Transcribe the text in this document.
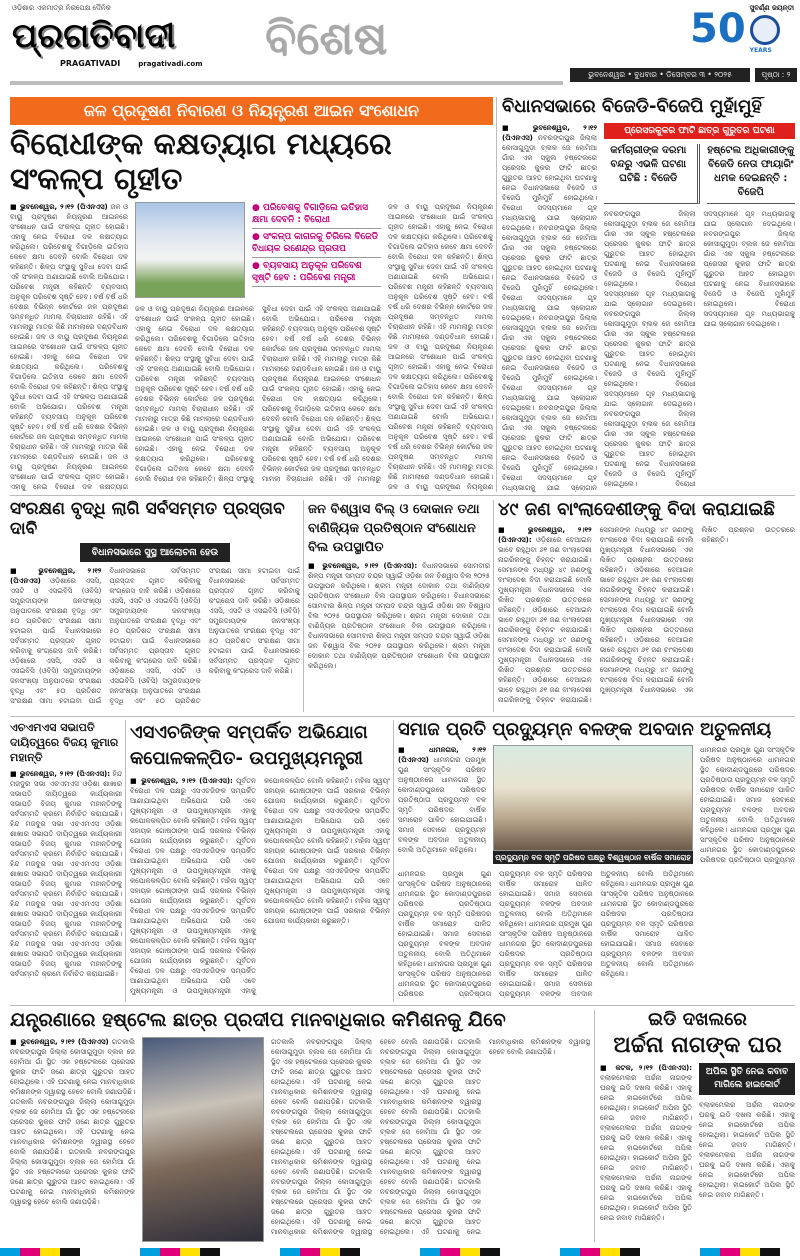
ଓଡ଼ିଶାର ଏକମାତ୍ର ନିରପେକ୍ଷ ଦୈନିକ
ପ୍ରଗତିବାଦୀ
PRAGATIVADI	pragativadi.com ବିଶେଷ	50 ସୁବର୍ଣ୍ଣ ଜୟନ୍ତୀ
YEARS
ଭୁବନେଶ୍ୱର • ବୁଧବାର • ଡିସେମ୍ବର ୩ • ୨୦୨୫	ପୃଷ୍ଠା : ୨
ଜଳ ପ୍ରଦୂଷଣ ନିବାରଣ ଓ ନିୟନ୍ତ୍ରଣ ଆଇନ ସଂଶୋଧନ
ବିରୋଧୀଙ୍କ କକ୍ଷତ୍ୟାଗ ମଧ୍ୟରେ ସଂକଳ୍ପ ଗୃହୀତ
■ ଭୁବନେଶ୍ୱର, ୨।୧୨ (ପିଏନଏସ) ଜଳ ଓ ବାୟୁ ପ୍ରଦୂଷଣ ନିୟନ୍ତ୍ରଣ ଆଇନରେ ସଂଶୋଧନ ପାଇଁ ସଂକଳ୍ପ ଗୃହୀତ ହୋଇଛି। ଏହାକୁ ନେଇ ବିରୋଧୀ ଦଳ କକ୍ଷତ୍ୟାଗ କରିଥିଲେ। ପରିବେଶକୁ ବିଗାଡ଼ିଲେ ଇତିହାସ କେବେ କ୍ଷମା ଦେବନି ବୋଲି ବିରୋଧୀ ଦଳ କହିଛନ୍ତି। ଶିଳ୍ପ ସଂସ୍ଥାକୁ ସୁବିଧା ଦେବା ପାଇଁ ଏହି ସଂକଳ୍ପ ଅଣାଯାଇଛି ବୋଲି ଅଭିଯୋଗ। ପରିବେଶ ମନ୍ତ୍ରୀ କହିଛନ୍ତି ବ୍ୟବସାୟ ଅନୁକୂଳ ପରିବେଶ ସୃଷ୍ଟି ହେବ। ବର୍ଷ ବର୍ଷ ଧରି ଦେଶର ବିଭିନ୍ନ କୋର୍ଟରେ ଜଳ ପ୍ରଦୂଷଣ ସମ୍ବନ୍ଧିତ ମାମଲା ବିଚାରାଧୀନ ରହିଛି। ଏହି ମାମଲାରୁ ମାତ୍ର କିଛି ମାମଲାରେ ଦଣ୍ଡବିଧାନ ହୋଇଛି। ଜଳ ଓ ବାୟୁ ପ୍ରଦୂଷଣ ନିୟନ୍ତ୍ରଣ ଆଇନରେ ସଂଶୋଧନ ପାଇଁ ସଂକଳ୍ପ ଗୃହୀତ ହୋଇଛି। ଏହାକୁ ନେଇ ବିରୋଧୀ ଦଳ କକ୍ଷତ୍ୟାଗ କରିଥିଲେ। ପରିବେଶକୁ ବିଗାଡ଼ିଲେ ଇତିହାସ କେବେ କ୍ଷମା ଦେବନି ବୋଲି ବିରୋଧୀ ଦଳ କହିଛନ୍ତି। ଶିଳ୍ପ ସଂସ୍ଥାକୁ ସୁବିଧା ଦେବା ପାଇଁ ଏହି ସଂକଳ୍ପ ଅଣାଯାଇଛି ବୋଲି ଅଭିଯୋଗ। ପରିବେଶ ମନ୍ତ୍ରୀ କହିଛନ୍ତି ବ୍ୟବସାୟ ଅନୁକୂଳ ପରିବେଶ ସୃଷ୍ଟି ହେବ। ବର୍ଷ ବର୍ଷ ଧରି ଦେଶର ବିଭିନ୍ନ କୋର୍ଟରେ ଜଳ ପ୍ରଦୂଷଣ ସମ୍ବନ୍ଧିତ ମାମଲା ବିଚାରାଧୀନ ରହିଛି। ଏହି ମାମଲାରୁ ମାତ୍ର କିଛି ମାମଲାରେ ଦଣ୍ଡବିଧାନ ହୋଇଛି। ଜଳ ଓ ବାୟୁ ପ୍ରଦୂଷଣ ନିୟନ୍ତ୍ରଣ ଆଇନରେ ସଂଶୋଧନ ପାଇଁ ସଂକଳ୍ପ ଗୃହୀତ ହୋଇଛି। ଏହାକୁ ନେଇ ବିରୋଧୀ ଦଳ କକ୍ଷତ୍ୟାଗ
● ପରିବେଶକୁ ବିଗାଡ଼ିଲେ ଇତିହାସ କ୍ଷମା ଦେବନି : ବିରୋଧୀ
● ସଂକଳ୍ପ କାଗଜକୁ ଚିରିଲେ ବିଜେଡି ବିଧାୟକ ରଣେନ୍ଦ୍ର ପ୍ରତାପ
● ବ୍ୟବସାୟ ଅନୁକୂଳ ପରିବେଶ ସୃଷ୍ଟି ହେବ : ପରିବେଶ ମନ୍ତ୍ରୀ
ଜଳ ଓ ବାୟୁ ପ୍ରଦୂଷଣ ନିୟନ୍ତ୍ରଣ ଆଇନରେ ସଂଶୋଧନ ପାଇଁ ସଂକଳ୍ପ ଗୃହୀତ ହୋଇଛି। ଏହାକୁ ନେଇ ବିରୋଧୀ ଦଳ କକ୍ଷତ୍ୟାଗ କରିଥିଲେ। ପରିବେଶକୁ ବିଗାଡ଼ିଲେ ଇତିହାସ କେବେ କ୍ଷମା ଦେବନି ବୋଲି ବିରୋଧୀ ଦଳ କହିଛନ୍ତି। ଶିଳ୍ପ ସଂସ୍ଥାକୁ ସୁବିଧା ଦେବା ପାଇଁ ଏହି ସଂକଳ୍ପ ଅଣାଯାଇଛି ବୋଲି ଅଭିଯୋଗ। ପରିବେଶ ମନ୍ତ୍ରୀ କହିଛନ୍ତି ବ୍ୟବସାୟ ଅନୁକୂଳ ପରିବେଶ ସୃଷ୍ଟି ହେବ। ବର୍ଷ ବର୍ଷ ଧରି ଦେଶର ବିଭିନ୍ନ କୋର୍ଟରେ ଜଳ ପ୍ରଦୂଷଣ ସମ୍ବନ୍ଧିତ ମାମଲା ବିଚାରାଧୀନ ରହିଛି। ଏହି ମାମଲାରୁ ମାତ୍ର କିଛି ମାମଲାରେ ଦଣ୍ଡବିଧାନ ହୋଇଛି। ଜଳ ଓ ବାୟୁ ପ୍ରଦୂଷଣ ନିୟନ୍ତ୍ରଣ ଆଇନରେ ସଂଶୋଧନ ପାଇଁ ସଂକଳ୍ପ ଗୃହୀତ ହୋଇଛି। ଏହାକୁ ନେଇ ବିରୋଧୀ ଦଳ କକ୍ଷତ୍ୟାଗ କରିଥିଲେ। ପରିବେଶକୁ ବିଗାଡ଼ିଲେ ଇତିହାସ କେବେ କ୍ଷମା ଦେବନି ବୋଲି ବିରୋଧୀ ଦଳ କହିଛନ୍ତି। ଶିଳ୍ପ ସଂସ୍ଥାକୁ ସୁବିଧା ଦେବା ପାଇଁ ଏହି ସଂକଳ୍ପ ଅଣାଯାଇଛି ବୋଲି ଅଭିଯୋଗ। ପରିବେଶ ମନ୍ତ୍ରୀ କହିଛନ୍ତି ବ୍ୟବସାୟ ଅନୁକୂଳ ପରିବେଶ ସୃଷ୍ଟି ହେବ। ବର୍ଷ ବର୍ଷ ଧରି ଦେଶର ବିଭିନ୍ନ କୋର୍ଟରେ ଜଳ ପ୍ରଦୂଷଣ ସମ୍ବନ୍ଧିତ ମାମଲା ବିଚାରାଧୀନ ରହିଛି। ଏହି ମାମଲାରୁ ମାତ୍ର କିଛି ମାମଲାରେ ଦଣ୍ଡବିଧାନ ହୋଇଛି। ଜଳ ଓ ବାୟୁ ପ୍ରଦୂଷଣ ନିୟନ୍ତ୍ରଣ ଆଇନରେ ସଂଶୋଧନ ପାଇଁ ସଂକଳ୍ପ ଗୃହୀତ ହୋଇଛି। ଏହାକୁ ନେଇ ବିରୋଧୀ ଦଳ କକ୍ଷତ୍ୟାଗ କରିଥିଲେ। ପରିବେଶକୁ ବିଗାଡ଼ିଲେ ଇତିହାସ କେବେ କ୍ଷମା ଦେବନି ବୋଲି ବିରୋଧୀ ଦଳ କହିଛନ୍ତି। ଶିଳ୍ପ ସଂସ୍ଥାକୁ ସୁବିଧା ଦେବା ପାଇଁ ଏହି ସଂକଳ୍ପ ଅଣାଯାଇଛି ବୋଲି ଅଭିଯୋଗ। ପରିବେଶ ମନ୍ତ୍ରୀ କହିଛନ୍ତି ବ୍ୟବସାୟ ଅନୁକୂଳ ପରିବେଶ ସୃଷ୍ଟି ହେବ। ବର୍ଷ ବର୍ଷ ଧରି ଦେଶର ବିଭିନ୍ନ କୋର୍ଟରେ ଜଳ ପ୍ରଦୂଷଣ ସମ୍ବନ୍ଧିତ ମାମଲା ବିଚାରାଧୀନ ରହିଛି। ଏହି ମାମଲାରୁ
ଜଳ ଓ ବାୟୁ ପ୍ରଦୂଷଣ ନିୟନ୍ତ୍ରଣ ଆଇନରେ ସଂଶୋଧନ ପାଇଁ ସଂକଳ୍ପ ଗୃହୀତ ହୋଇଛି। ଏହାକୁ ନେଇ ବିରୋଧୀ ଦଳ କକ୍ଷତ୍ୟାଗ କରିଥିଲେ। ପରିବେଶକୁ ବିଗାଡ଼ିଲେ ଇତିହାସ କେବେ କ୍ଷମା ଦେବନି ବୋଲି ବିରୋଧୀ ଦଳ କହିଛନ୍ତି। ଶିଳ୍ପ ସଂସ୍ଥାକୁ ସୁବିଧା ଦେବା ପାଇଁ ଏହି ସଂକଳ୍ପ ଅଣାଯାଇଛି ବୋଲି ଅଭିଯୋଗ। ପରିବେଶ ମନ୍ତ୍ରୀ କହିଛନ୍ତି ବ୍ୟବସାୟ ଅନୁକୂଳ ପରିବେଶ ସୃଷ୍ଟି ହେବ। ବର୍ଷ ବର୍ଷ ଧରି ଦେଶର ବିଭିନ୍ନ କୋର୍ଟରେ ଜଳ ପ୍ରଦୂଷଣ ସମ୍ବନ୍ଧିତ ମାମଲା ବିଚାରାଧୀନ ରହିଛି। ଏହି ମାମଲାରୁ ମାତ୍ର କିଛି ମାମଲାରେ ଦଣ୍ଡବିଧାନ ହୋଇଛି। ଜଳ ଓ ବାୟୁ ପ୍ରଦୂଷଣ ନିୟନ୍ତ୍ରଣ ଆଇନରେ ସଂଶୋଧନ ପାଇଁ ସଂକଳ୍ପ ଗୃହୀତ ହୋଇଛି। ଏହାକୁ ନେଇ ବିରୋଧୀ ଦଳ କକ୍ଷତ୍ୟାଗ କରିଥିଲେ। ପରିବେଶକୁ ବିଗାଡ଼ିଲେ ଇତିହାସ କେବେ କ୍ଷମା ଦେବନି ବୋଲି ବିରୋଧୀ ଦଳ କହିଛନ୍ତି। ଶିଳ୍ପ ସଂସ୍ଥାକୁ ସୁବିଧା ଦେବା ପାଇଁ ଏହି ସଂକଳ୍ପ ଅଣାଯାଇଛି ବୋଲି ଅଭିଯୋଗ। ପରିବେଶ ମନ୍ତ୍ରୀ କହିଛନ୍ତି ବ୍ୟବସାୟ ଅନୁକୂଳ ପରିବେଶ ସୃଷ୍ଟି ହେବ। ବର୍ଷ ବର୍ଷ ଧରି ଦେଶର ବିଭିନ୍ନ କୋର୍ଟରେ ଜଳ ପ୍ରଦୂଷଣ ସମ୍ବନ୍ଧିତ ମାମଲା ବିଚାରାଧୀନ ରହିଛି। ଏହି ମାମଲାରୁ ମାତ୍ର କିଛି ମାମଲାରେ ଦଣ୍ଡବିଧାନ ହୋଇଛି। ଜଳ ଓ ବାୟୁ ପ୍ରଦୂଷଣ ନିୟନ୍ତ୍ରଣ
ବିଧାନସଭାରେ ବିଜେଡି-ବିଜେପି ମୁହାଁମୁହିଁ
■ ଭୁବନେଶ୍ୱର, ୨।୧୨ (ପିଏନଏସ) ନବରଙ୍ଗପୁର ଜିଲ୍ଲା କୋସାଗୁମୁଡ଼ା ବ୍ଲକ ଜେ ହୋମିଆ ଗାଁର ଏକ ସ୍କୁଲ ହଷ୍ଟେଲରେ ପ୍ରେସର କୁକର ଫାଟି ଛାତ୍ର ଗୁରୁତର ଆହତ ହୋଇଥିବା ଘଟଣାକୁ ନେଇ ବିଧାନସଭାରେ ବିଜେଡି ଓ ବିଜେପି ମୁହାଁମୁହିଁ ହୋଇଥିଲେ। ବିରୋଧୀ ସଦସ୍ୟମାନେ ଗୃହ ମଧ୍ୟଭାଗକୁ ଯାଇ ସ୍ଲୋଗାନ ଦେଇଥିଲେ। ନବରଙ୍ଗପୁର ଜିଲ୍ଲା କୋସାଗୁମୁଡ଼ା ବ୍ଲକ ଜେ ହୋମିଆ ଗାଁର ଏକ ସ୍କୁଲ ହଷ୍ଟେଲରେ ପ୍ରେସର କୁକର ଫାଟି ଛାତ୍ର ଗୁରୁତର ଆହତ ହୋଇଥିବା ଘଟଣାକୁ ନେଇ ବିଧାନସଭାରେ ବିଜେଡି ଓ ବିଜେପି ମୁହାଁମୁହିଁ ହୋଇଥିଲେ। ବିରୋଧୀ ସଦସ୍ୟମାନେ ଗୃହ ମଧ୍ୟଭାଗକୁ ଯାଇ ସ୍ଲୋଗାନ ଦେଇଥିଲେ। ନବରଙ୍ଗପୁର ଜିଲ୍ଲା କୋସାଗୁମୁଡ଼ା ବ୍ଲକ ଜେ ହୋମିଆ ଗାଁର ଏକ ସ୍କୁଲ ହଷ୍ଟେଲରେ ପ୍ରେସର କୁକର ଫାଟି ଛାତ୍ର ଗୁରୁତର ଆହତ ହୋଇଥିବା ଘଟଣାକୁ ନେଇ ବିଧାନସଭାରେ ବିଜେଡି ଓ ବିଜେପି ମୁହାଁମୁହିଁ ହୋଇଥିଲେ। ବିରୋଧୀ ସଦସ୍ୟମାନେ ଗୃହ ମଧ୍ୟଭାଗକୁ ଯାଇ ସ୍ଲୋଗାନ ଦେଇଥିଲେ। ନବରଙ୍ଗପୁର ଜିଲ୍ଲା କୋସାଗୁମୁଡ଼ା ବ୍ଲକ ଜେ ହୋମିଆ ଗାଁର ଏକ ସ୍କୁଲ ହଷ୍ଟେଲରେ ପ୍ରେସର କୁକର ଫାଟି ଛାତ୍ର ଗୁରୁତର ଆହତ ହୋଇଥିବା ଘଟଣାକୁ ନେଇ ବିଧାନସଭାରେ ବିଜେଡି ଓ ବିଜେପି ମୁହାଁମୁହିଁ ହୋଇଥିଲେ। ବିରୋଧୀ ସଦସ୍ୟମାନେ ଗୃହ ମଧ୍ୟଭାଗକୁ ଯାଇ ସ୍ଲୋଗାନ
ପ୍ରେସରକୁକର ଫାଟି ଛାତ୍ର ଗୁରୁତର ଘଟଣା
କର୍ମଚାରୀଙ୍କ ଦରମା ବନ୍ଦରୁ ଏଭଳି ଘଟଣା ଘଟିଛି : ବିଜେଡି
ହଷ୍ଟେଲ ଅଧିକାରୀଙ୍କୁ ବିଜେଡି ନେତା ଫାୟାରିଂ ଧମକ ଦେଇଛନ୍ତି : ବିଜେପି
ନବରଙ୍ଗପୁର ଜିଲ୍ଲା କୋସାଗୁମୁଡ଼ା ବ୍ଲକ ଜେ ହୋମିଆ ଗାଁର ଏକ ସ୍କୁଲ ହଷ୍ଟେଲରେ ପ୍ରେସର କୁକର ଫାଟି ଛାତ୍ର ଗୁରୁତର ଆହତ ହୋଇଥିବା ଘଟଣାକୁ ନେଇ ବିଧାନସଭାରେ ବିଜେଡି ଓ ବିଜେପି ମୁହାଁମୁହିଁ ହୋଇଥିଲେ। ବିରୋଧୀ ସଦସ୍ୟମାନେ ଗୃହ ମଧ୍ୟଭାଗକୁ ଯାଇ ସ୍ଲୋଗାନ ଦେଇଥିଲେ। ନବରଙ୍ଗପୁର ଜିଲ୍ଲା କୋସାଗୁମୁଡ଼ା ବ୍ଲକ ଜେ ହୋମିଆ ଗାଁର ଏକ ସ୍କୁଲ ହଷ୍ଟେଲରେ ପ୍ରେସର କୁକର ଫାଟି ଛାତ୍ର ଗୁରୁତର ଆହତ ହୋଇଥିବା ଘଟଣାକୁ ନେଇ ବିଧାନସଭାରେ ବିଜେଡି ଓ ବିଜେପି ମୁହାଁମୁହିଁ ହୋଇଥିଲେ। ବିରୋଧୀ ସଦସ୍ୟମାନେ ଗୃହ ମଧ୍ୟଭାଗକୁ ଯାଇ ସ୍ଲୋଗାନ ଦେଇଥିଲେ। ନବରଙ୍ଗପୁର ଜିଲ୍ଲା କୋସାଗୁମୁଡ଼ା ବ୍ଲକ ଜେ ହୋମିଆ ଗାଁର ଏକ ସ୍କୁଲ ହଷ୍ଟେଲରେ ପ୍ରେସର କୁକର ଫାଟି ଛାତ୍ର ଗୁରୁତର ଆହତ ହୋଇଥିବା ଘଟଣାକୁ ନେଇ ବିଧାନସଭାରେ ବିଜେଡି ଓ ବିଜେପି ମୁହାଁମୁହିଁ ହୋଇଥିଲେ। ବିରୋଧୀ ସଦସ୍ୟମାନେ ଗୃହ ମଧ୍ୟଭାଗକୁ ଯାଇ ସ୍ଲୋଗାନ ଦେଇଥିଲେ। ନବରଙ୍ଗପୁର ଜିଲ୍ଲା କୋସାଗୁମୁଡ଼ା ବ୍ଲକ ଜେ ହୋମିଆ ଗାଁର ଏକ ସ୍କୁଲ ହଷ୍ଟେଲରେ ପ୍ରେସର କୁକର ଫାଟି ଛାତ୍ର ଗୁରୁତର ଆହତ ହୋଇଥିବା ଘଟଣାକୁ ନେଇ ବିଧାନସଭାରେ ବିଜେଡି ଓ ବିଜେପି ମୁହାଁମୁହିଁ ହୋଇଥିଲେ। ବିରୋଧୀ ସଦସ୍ୟମାନେ ଗୃହ ମଧ୍ୟଭାଗକୁ ଯାଇ ସ୍ଲୋଗାନ ଦେଇଥିଲେ।
ସଂରକ୍ଷଣ ବୃଦ୍ଧି ଲାଗି ସର୍ବସମ୍ମତ ପ୍ରସ୍ତାବ ଦାବି
ବିଧାନସଭାରେ ସୁସ୍ଥ ଆଲୋଚନା ହେଉ
■ ଭୁବନେଶ୍ୱର, ୨।୧୨ (ପିଏନଏସ) ଓଡ଼ିଶାରେ ଏସସି, ଏସଟି ଓ ଏସଇବିସି (ଓବିସି) ସମ୍ପ୍ରଦାୟଙ୍କ ଜନସଂଖ୍ୟା ଅନୁପାତରେ ସଂରକ୍ଷଣ ବୃଦ୍ଧି ଏବଂ ୫୦ ପ୍ରତିଶତ ସଂରକ୍ଷଣ ସୀମା ହଟାଇବା ପାଇଁ ବିଧାନସଭାରେ ସର୍ବସମ୍ମତ ପ୍ରସ୍ତାବ ଗୃହୀତ କରିବାକୁ କଂଗ୍ରେସ ଦାବି କରିଛି। ଓଡ଼ିଶାରେ ଏସସି, ଏସଟି ଓ ଏସଇବିସି (ଓବିସି) ସମ୍ପ୍ରଦାୟଙ୍କ ଜନସଂଖ୍ୟା ଅନୁପାତରେ ସଂରକ୍ଷଣ ବୃଦ୍ଧି ଏବଂ ୫୦ ପ୍ରତିଶତ ସଂରକ୍ଷଣ ସୀମା ହଟାଇବା ପାଇଁ ବିଧାନସଭାରେ ସର୍ବସମ୍ମତ ପ୍ରସ୍ତାବ ଗୃହୀତ କରିବାକୁ କଂଗ୍ରେସ ଦାବି କରିଛି। ଓଡ଼ିଶାରେ ଏସସି, ଏସଟି ଓ ଏସଇବିସି (ଓବିସି) ସମ୍ପ୍ରଦାୟଙ୍କ ଜନସଂଖ୍ୟା ଅନୁପାତରେ ସଂରକ୍ଷଣ ବୃଦ୍ଧି ଏବଂ ୫୦ ପ୍ରତିଶତ ସଂରକ୍ଷଣ ସୀମା ହଟାଇବା ପାଇଁ ବିଧାନସଭାରେ ସର୍ବସମ୍ମତ ପ୍ରସ୍ତାବ ଗୃହୀତ କରିବାକୁ କଂଗ୍ରେସ ଦାବି କରିଛି। ଓଡ଼ିଶାରେ ଏସସି, ଏସଟି ଓ ଏସଇବିସି (ଓବିସି) ସମ୍ପ୍ରଦାୟଙ୍କ ଜନସଂଖ୍ୟା ଅନୁପାତରେ ସଂରକ୍ଷଣ ବୃଦ୍ଧି ଏବଂ ୫୦ ପ୍ରତିଶତ ସଂରକ୍ଷଣ ସୀମା ହଟାଇବା ପାଇଁ ବିଧାନସଭାରେ ସର୍ବସମ୍ମତ ପ୍ରସ୍ତାବ ଗୃହୀତ କରିବାକୁ କଂଗ୍ରେସ ଦାବି କରିଛି। ଓଡ଼ିଶାରେ ଏସସି, ଏସଟି ଓ ଏସଇବିସି (ଓବିସି) ସମ୍ପ୍ରଦାୟଙ୍କ ଜନସଂଖ୍ୟା ଅନୁପାତରେ ସଂରକ୍ଷଣ ବୃଦ୍ଧି ଏବଂ ୫୦ ପ୍ରତିଶତ ସଂରକ୍ଷଣ ସୀମା ହଟାଇବା ପାଇଁ ବିଧାନସଭାରେ ସର୍ବସମ୍ମତ ପ୍ରସ୍ତାବ ଗୃହୀତ କରିବାକୁ କଂଗ୍ରେସ ଦାବି କରିଛି।
ଜନ ବିଶ୍ୱାସ ବିଲ୍ ଓ ଦୋକାନ ତଥା ବାଣିଜ୍ୟିକ ପ୍ରତିଷ୍ଠାନ ସଂଶୋଧନ ବିଲ ଉପସ୍ଥାପିତ
■ ଭୁବନେଶ୍ୱର, ୨।୧୨ (ପିଏନଏସ): ବିଧାନସଭାରେ ସୋମବାର ଶିଳ୍ପ ମନ୍ତ୍ରୀ ସମ୍ପଦ ଚନ୍ଦ୍ର ସ୍ୱାଇଁ ଓଡ଼ିଶା ଜନ ବିଶ୍ୱାସ ବିଲ ୨୦୨୫ ଉପସ୍ଥାପନ କରିଥିଲେ। ଶ୍ରମ ମନ୍ତ୍ରୀ ଦୋକାନ ତଥା ବାଣିଜ୍ୟିକ ପ୍ରତିଷ୍ଠାନ ସଂଶୋଧନ ବିଲ ଉପସ୍ଥାପନ କରିଥିଲେ। ବିଧାନସଭାରେ ସୋମବାର ଶିଳ୍ପ ମନ୍ତ୍ରୀ ସମ୍ପଦ ଚନ୍ଦ୍ର ସ୍ୱାଇଁ ଓଡ଼ିଶା ଜନ ବିଶ୍ୱାସ ବିଲ ୨୦୨୫ ଉପସ୍ଥାପନ କରିଥିଲେ। ଶ୍ରମ ମନ୍ତ୍ରୀ ଦୋକାନ ତଥା ବାଣିଜ୍ୟିକ ପ୍ରତିଷ୍ଠାନ ସଂଶୋଧନ ବିଲ ଉପସ୍ଥାପନ କରିଥିଲେ। ବିଧାନସଭାରେ ସୋମବାର ଶିଳ୍ପ ମନ୍ତ୍ରୀ ସମ୍ପଦ ଚନ୍ଦ୍ର ସ୍ୱାଇଁ ଓଡ଼ିଶା ଜନ ବିଶ୍ୱାସ ବିଲ ୨୦୨୫ ଉପସ୍ଥାପନ କରିଥିଲେ। ଶ୍ରମ ମନ୍ତ୍ରୀ ଦୋକାନ ତଥା ବାଣିଜ୍ୟିକ ପ୍ରତିଷ୍ଠାନ ସଂଶୋଧନ ବିଲ ଉପସ୍ଥାପନ କରିଥିଲେ।
୪୯ ଜଣ ବାଂଲାଦେଶୀଙ୍କୁ ବିଦା କରାଯାଇଛି
■ ଭୁବନେଶ୍ୱର, ୨।୧୨ (ପିଏନଏସ): ଓଡ଼ିଶାରେ ବେଆଇନ ଭାବେ ରହୁଥିବା ୬୧ ଜଣ ବାଂଲାଦେଶୀ ନାଗରିକଙ୍କୁ ଚିହ୍ନଟ କରାଯାଇଛି। ସେମାନଙ୍କ ମଧ୍ୟରୁ ୪୯ ଜଣଙ୍କୁ ବାଂଲାଦେଶ ବିଦା କରାଯାଇଛି ବୋଲି ମୁଖ୍ୟମନ୍ତ୍ରୀ ବିଧାନସଭାରେ ଏକ ଲିଖିତ ପ୍ରଶ୍ନର ଉତ୍ତରରେ କହିଛନ୍ତି। ଓଡ଼ିଶାରେ ବେଆଇନ ଭାବେ ରହୁଥିବା ୬୧ ଜଣ ବାଂଲାଦେଶୀ ନାଗରିକଙ୍କୁ ଚିହ୍ନଟ କରାଯାଇଛି। ସେମାନଙ୍କ ମଧ୍ୟରୁ ୪୯ ଜଣଙ୍କୁ ବାଂଲାଦେଶ ବିଦା କରାଯାଇଛି ବୋଲି ମୁଖ୍ୟମନ୍ତ୍ରୀ ବିଧାନସଭାରେ ଏକ ଲିଖିତ ପ୍ରଶ୍ନର ଉତ୍ତରରେ କହିଛନ୍ତି। ଓଡ଼ିଶାରେ ବେଆଇନ ଭାବେ ରହୁଥିବା ୬୧ ଜଣ ବାଂଲାଦେଶୀ ନାଗରିକଙ୍କୁ ଚିହ୍ନଟ କରାଯାଇଛି। ସେମାନଙ୍କ ମଧ୍ୟରୁ ୪୯ ଜଣଙ୍କୁ ବାଂଲାଦେଶ ବିଦା କରାଯାଇଛି ବୋଲି ମୁଖ୍ୟମନ୍ତ୍ରୀ ବିଧାନସଭାରେ ଏକ ଲିଖିତ ପ୍ରଶ୍ନର ଉତ୍ତରରେ କହିଛନ୍ତି। ଓଡ଼ିଶାରେ ବେଆଇନ ଭାବେ ରହୁଥିବା ୬୧ ଜଣ ବାଂଲାଦେଶୀ ନାଗରିକଙ୍କୁ ଚିହ୍ନଟ କରାଯାଇଛି। ସେମାନଙ୍କ ମଧ୍ୟରୁ ୪୯ ଜଣଙ୍କୁ ବାଂଲାଦେଶ ବିଦା କରାଯାଇଛି ବୋଲି ମୁଖ୍ୟମନ୍ତ୍ରୀ ବିଧାନସଭାରେ ଏକ ଲିଖିତ ପ୍ରଶ୍ନର ଉତ୍ତରରେ କହିଛନ୍ତି। ଓଡ଼ିଶାରେ ବେଆଇନ ଭାବେ ରହୁଥିବା ୬୧ ଜଣ ବାଂଲାଦେଶୀ ନାଗରିକଙ୍କୁ ଚିହ୍ନଟ କରାଯାଇଛି। ସେମାନଙ୍କ ମଧ୍ୟରୁ ୪୯ ଜଣଙ୍କୁ ବାଂଲାଦେଶ ବିଦା କରାଯାଇଛି ବୋଲି ମୁଖ୍ୟମନ୍ତ୍ରୀ ବିଧାନସଭାରେ ଏକ ଲିଖିତ ପ୍ରଶ୍ନର ଉତ୍ତରରେ କହିଛନ୍ତି।
ଏଚଏମଏସ ସଭାପତି ଦାୟିତ୍ୱରେ ବିଜୟ କୁମାର ମହାନ୍ତି
■ ଭୁବନେଶ୍ୱର, ୨।୧୨ (ପିଏନଏସ): ହିନ୍ଦ ମଜଦୁର ସଭା ଏଚଏମଏସ ଓଡ଼ିଶା ଶାଖାର ସଭାପତି ଦାୟିତ୍ୱରେ କାର୍ଯ୍ୟକାରୀ ସଭାପତି ବିଜୟ କୁମାର ମହାନ୍ତିଙ୍କୁ ସର୍ବସମ୍ମତି କ୍ରମେ ନିର୍ବାଚିତ କରାଯାଇଛି। ହିନ୍ଦ ମଜଦୁର ସଭା ଏଚଏମଏସ ଓଡ଼ିଶା ଶାଖାର ସଭାପତି ଦାୟିତ୍ୱରେ କାର୍ଯ୍ୟକାରୀ ସଭାପତି ବିଜୟ କୁମାର ମହାନ୍ତିଙ୍କୁ ସର୍ବସମ୍ମତି କ୍ରମେ ନିର୍ବାଚିତ କରାଯାଇଛି। ହିନ୍ଦ ମଜଦୁର ସଭା ଏଚଏମଏସ ଓଡ଼ିଶା ଶାଖାର ସଭାପତି ଦାୟିତ୍ୱରେ କାର୍ଯ୍ୟକାରୀ ସଭାପତି ବିଜୟ କୁମାର ମହାନ୍ତିଙ୍କୁ ସର୍ବସମ୍ମତି କ୍ରମେ ନିର୍ବାଚିତ କରାଯାଇଛି। ହିନ୍ଦ ମଜଦୁର ସଭା ଏଚଏମଏସ ଓଡ଼ିଶା ଶାଖାର ସଭାପତି ଦାୟିତ୍ୱରେ କାର୍ଯ୍ୟକାରୀ ସଭାପତି ବିଜୟ କୁମାର ମହାନ୍ତିଙ୍କୁ ସର୍ବସମ୍ମତି କ୍ରମେ ନିର୍ବାଚିତ କରାଯାଇଛି। ହିନ୍ଦ ମଜଦୁର ସଭା ଏଚଏମଏସ ଓଡ଼ିଶା ଶାଖାର ସଭାପତି ଦାୟିତ୍ୱରେ କାର୍ଯ୍ୟକାରୀ ସଭାପତି ବିଜୟ କୁମାର ମହାନ୍ତିଙ୍କୁ ସର୍ବସମ୍ମତି କ୍ରମେ ନିର୍ବାଚିତ କରାଯାଇଛି।
ଏସଏଚଜିଙ୍କ ସମ୍ପର୍କିତ ଅଭିଯୋଗ କପୋଳକଳ୍ପିତ- ଉପମୁଖ୍ୟମନ୍ତ୍ରୀ
■ ଭୁବନେଶ୍ୱର, ୨।୧୨ (ପିଏନଏସ): ପୂର୍ବତନ ବିରୋଧୀ ଦଳ ପକ୍ଷରୁ ଏସଏଚଜିଙ୍କ ସମ୍ପର୍କିତ ଆଣାଯାଇଥିବା ଅଭିଯୋଗ ପରି ଏବେ ମୁଖ୍ୟମନ୍ତ୍ରୀ ଓ ଉପମୁଖ୍ୟମନ୍ତ୍ରୀ ଏହାକୁ କପୋଳକଳ୍ପିତ ବୋଲି କହିଛନ୍ତି। ମହିଳା ସ୍ୱୟଂ ସହାୟକ ଗୋଷ୍ଠୀଙ୍କ ପାଇଁ ସରକାର ବିଭିନ୍ନ ଯୋଜନା କାର୍ଯ୍ୟକାରୀ କରୁଛନ୍ତି। ପୂର୍ବତନ ବିରୋଧୀ ଦଳ ପକ୍ଷରୁ ଏସଏଚଜିଙ୍କ ସମ୍ପର୍କିତ ଆଣାଯାଇଥିବା ଅଭିଯୋଗ ପରି ଏବେ ମୁଖ୍ୟମନ୍ତ୍ରୀ ଓ ଉପମୁଖ୍ୟମନ୍ତ୍ରୀ ଏହାକୁ କପୋଳକଳ୍ପିତ ବୋଲି କହିଛନ୍ତି। ମହିଳା ସ୍ୱୟଂ ସହାୟକ ଗୋଷ୍ଠୀଙ୍କ ପାଇଁ ସରକାର ବିଭିନ୍ନ ଯୋଜନା କାର୍ଯ୍ୟକାରୀ କରୁଛନ୍ତି। ପୂର୍ବତନ ବିରୋଧୀ ଦଳ ପକ୍ଷରୁ ଏସଏଚଜିଙ୍କ ସମ୍ପର୍କିତ ଆଣାଯାଇଥିବା ଅଭିଯୋଗ ପରି ଏବେ ମୁଖ୍ୟମନ୍ତ୍ରୀ ଓ ଉପମୁଖ୍ୟମନ୍ତ୍ରୀ ଏହାକୁ କପୋଳକଳ୍ପିତ ବୋଲି କହିଛନ୍ତି। ମହିଳା ସ୍ୱୟଂ ସହାୟକ ଗୋଷ୍ଠୀଙ୍କ ପାଇଁ ସରକାର ବିଭିନ୍ନ ଯୋଜନା କାର୍ଯ୍ୟକାରୀ କରୁଛନ୍ତି। ପୂର୍ବତନ ବିରୋଧୀ ଦଳ ପକ୍ଷରୁ ଏସଏଚଜିଙ୍କ ସମ୍ପର୍କିତ ଆଣାଯାଇଥିବା ଅଭିଯୋଗ ପରି ଏବେ ମୁଖ୍ୟମନ୍ତ୍ରୀ ଓ ଉପମୁଖ୍ୟମନ୍ତ୍ରୀ ଏହାକୁ କପୋଳକଳ୍ପିତ ବୋଲି କହିଛନ୍ତି। ମହିଳା ସ୍ୱୟଂ ସହାୟକ ଗୋଷ୍ଠୀଙ୍କ ପାଇଁ ସରକାର ବିଭିନ୍ନ ଯୋଜନା କାର୍ଯ୍ୟକାରୀ କରୁଛନ୍ତି। ପୂର୍ବତନ ବିରୋଧୀ ଦଳ ପକ୍ଷରୁ ଏସଏଚଜିଙ୍କ ସମ୍ପର୍କିତ ଆଣାଯାଇଥିବା ଅଭିଯୋଗ ପରି ଏବେ ମୁଖ୍ୟମନ୍ତ୍ରୀ ଓ ଉପମୁଖ୍ୟମନ୍ତ୍ରୀ ଏହାକୁ କପୋଳକଳ୍ପିତ ବୋଲି କହିଛନ୍ତି। ମହିଳା ସ୍ୱୟଂ ସହାୟକ ଗୋଷ୍ଠୀଙ୍କ ପାଇଁ ସରକାର ବିଭିନ୍ନ ଯୋଜନା କାର୍ଯ୍ୟକାରୀ କରୁଛନ୍ତି। ପୂର୍ବତନ ବିରୋଧୀ ଦଳ ପକ୍ଷରୁ ଏସଏଚଜିଙ୍କ ସମ୍ପର୍କିତ ଆଣାଯାଇଥିବା ଅଭିଯୋଗ ପରି ଏବେ ମୁଖ୍ୟମନ୍ତ୍ରୀ ଓ ଉପମୁଖ୍ୟମନ୍ତ୍ରୀ ଏହାକୁ କପୋଳକଳ୍ପିତ ବୋଲି କହିଛନ୍ତି। ମହିଳା ସ୍ୱୟଂ ସହାୟକ ଗୋଷ୍ଠୀଙ୍କ ପାଇଁ ସରକାର ବିଭିନ୍ନ ଯୋଜନା କାର୍ଯ୍ୟକାରୀ କରୁଛନ୍ତି।
ସମାଜ ପ୍ରତି ପ୍ରଦ୍ୟୁମ୍ନ ବଳଙ୍କ ଅବଦାନ ଅତୁଳନୀୟ
■ ଧାମନଗର, ୨।୧୨ (ପିଏନଏସ) ଧାମନଗର ପ୍ରମୁଖ ଗୁଣ ସାଂସ୍କୃତିକ ପରିଷଦ ଅନୁଷ୍ଠାନରେ ଧାମନଗର ସ୍ଥିତ କୋଦାଣ୍ଡପୁରରେ ପରିଷଦର ପ୍ରତିଷ୍ଠାତା ପ୍ରଦ୍ୟୁମ୍ନ ବଳ ସ୍ମୃତି ପରିଷଦର ବାର୍ଷିକ ସମାରୋହ ପାଳିତ ହୋଇଯାଇଛି। ସମାଜ ସେବାରେ ପ୍ରଦ୍ୟୁମ୍ନ ବଳଙ୍କ ଅବଦାନ ଅତୁଳନୀୟ ବୋଲି ଅତିଥିମାନେ କହିଥିଲେ।
ପ୍ରଦ୍ୟୁମ୍ନ ବଳ ସ୍ମୃତି ପରିଷଦ ପକ୍ଷରୁ ବିଶ୍ୱଷ୍ଠାନ ବାର୍ଷିକ ସମାରୋହ
ଧାମନଗର ପ୍ରମୁଖ ଗୁଣ ସାଂସ୍କୃତିକ ପରିଷଦ ଅନୁଷ୍ଠାନରେ ଧାମନଗର ସ୍ଥିତ କୋଦାଣ୍ଡପୁରରେ ପରିଷଦର ପ୍ରତିଷ୍ଠାତା ପ୍ରଦ୍ୟୁମ୍ନ ବଳ ସ୍ମୃତି ପରିଷଦର ବାର୍ଷିକ ସମାରୋହ ପାଳିତ ହୋଇଯାଇଛି। ସମାଜ ସେବାରେ ପ୍ରଦ୍ୟୁମ୍ନ ବଳଙ୍କ ଅବଦାନ ଅତୁଳନୀୟ ବୋଲି ଅତିଥିମାନେ କହିଥିଲେ। ଧାମନଗର ପ୍ରମୁଖ ଗୁଣ ସାଂସ୍କୃତିକ ପରିଷଦ ଅନୁଷ୍ଠାନରେ ଧାମନଗର ସ୍ଥିତ କୋଦାଣ୍ଡପୁରରେ ପରିଷଦର ପ୍ରତିଷ୍ଠାତା ପ୍ରଦ୍ୟୁମ୍ନ
ଧାମନଗର ପ୍ରମୁଖ ଗୁଣ ସାଂସ୍କୃତିକ ପରିଷଦ ଅନୁଷ୍ଠାନରେ ଧାମନଗର ସ୍ଥିତ କୋଦାଣ୍ଡପୁରରେ ପରିଷଦର ପ୍ରତିଷ୍ଠାତା ପ୍ରଦ୍ୟୁମ୍ନ ବଳ ସ୍ମୃତି ପରିଷଦର ବାର୍ଷିକ ସମାରୋହ ପାଳିତ ହୋଇଯାଇଛି। ସମାଜ ସେବାରେ ପ୍ରଦ୍ୟୁମ୍ନ ବଳଙ୍କ ଅବଦାନ ଅତୁଳନୀୟ ବୋଲି ଅତିଥିମାନେ କହିଥିଲେ। ଧାମନଗର ପ୍ରମୁଖ ଗୁଣ ସାଂସ୍କୃତିକ ପରିଷଦ ଅନୁଷ୍ଠାନରେ ଧାମନଗର ସ୍ଥିତ କୋଦାଣ୍ଡପୁରରେ ପରିଷଦର ପ୍ରତିଷ୍ଠାତା ପ୍ରଦ୍ୟୁମ୍ନ ବଳ ସ୍ମୃତି ପରିଷଦର ବାର୍ଷିକ ସମାରୋହ ପାଳିତ ହୋଇଯାଇଛି। ସମାଜ ସେବାରେ ପ୍ରଦ୍ୟୁମ୍ନ ବଳଙ୍କ ଅବଦାନ ଅତୁଳନୀୟ ବୋଲି ଅତିଥିମାନେ କହିଥିଲେ। ଧାମନଗର ପ୍ରମୁଖ ଗୁଣ ସାଂସ୍କୃତିକ ପରିଷଦ ଅନୁଷ୍ଠାନରେ ଧାମନଗର ସ୍ଥିତ କୋଦାଣ୍ଡପୁରରେ ପରିଷଦର ପ୍ରତିଷ୍ଠାତା ପ୍ରଦ୍ୟୁମ୍ନ ବଳ ସ୍ମୃତି ପରିଷଦର ବାର୍ଷିକ ସମାରୋହ ପାଳିତ ହୋଇଯାଇଛି। ସମାଜ ସେବାରେ ପ୍ରଦ୍ୟୁମ୍ନ ବଳଙ୍କ ଅବଦାନ ଅତୁଳନୀୟ ବୋଲି ଅତିଥିମାନେ କହିଥିଲେ। ଧାମନଗର ପ୍ରମୁଖ ଗୁଣ ସାଂସ୍କୃତିକ ପରିଷଦ ଅନୁଷ୍ଠାନରେ ଧାମନଗର ସ୍ଥିତ କୋଦାଣ୍ଡପୁରରେ ପରିଷଦର ପ୍ରତିଷ୍ଠାତା ପ୍ରଦ୍ୟୁମ୍ନ ବଳ ସ୍ମୃତି ପରିଷଦର ବାର୍ଷିକ ସମାରୋହ ପାଳିତ ହୋଇଯାଇଛି। ସମାଜ ସେବାରେ ପ୍ରଦ୍ୟୁମ୍ନ ବଳଙ୍କ ଅବଦାନ ଅତୁଳନୀୟ ବୋଲି ଅତିଥିମାନେ କହିଥିଲେ।
ଯନ୍ତ୍ରଣାରେ ହଷ୍ଟେଲ ଛାତ୍ର ପ୍ରଦୀପ ମାନବାଧିକାର କମିଶନକୁ ଯିବେ
■ ଭୁବନେଶ୍ୱର, ୨।୧୨ (ପିଏନଏସ) ଗତକାଲି ନବରଙ୍ଗପୁର ଜିଲ୍ଲା କୋସାଗୁମୁଡ଼ା ବ୍ଲକ ଜେ ହୋମିଆ ଗାଁ ସ୍ଥିତ ଏକ ହଷ୍ଟେଲରେ ପ୍ରେସର କୁକର ଫାଟି ଜଣେ ଛାତ୍ର ଗୁରୁତର ଆହତ ହୋଇଥିଲେ। ଏହି ଘଟଣାକୁ ନେଇ ମାନବାଧିକାର କମିଶନଙ୍କ ଦ୍ୱାରସ୍ଥ ହେବେ ବୋଲି ଜଣାପଡ଼ିଛି। ଗତକାଲି ନବରଙ୍ଗପୁର ଜିଲ୍ଲା କୋସାଗୁମୁଡ଼ା ବ୍ଲକ ଜେ ହୋମିଆ ଗାଁ ସ୍ଥିତ ଏକ ହଷ୍ଟେଲରେ ପ୍ରେସର କୁକର ଫାଟି ଜଣେ ଛାତ୍ର ଗୁରୁତର ଆହତ ହୋଇଥିଲେ। ଏହି ଘଟଣାକୁ ନେଇ ମାନବାଧିକାର କମିଶନଙ୍କ ଦ୍ୱାରସ୍ଥ ହେବେ ବୋଲି ଜଣାପଡ଼ିଛି। ଗତକାଲି ନବରଙ୍ଗପୁର ଜିଲ୍ଲା କୋସାଗୁମୁଡ଼ା ବ୍ଲକ ଜେ ହୋମିଆ ଗାଁ ସ୍ଥିତ ଏକ ହଷ୍ଟେଲରେ ପ୍ରେସର କୁକର ଫାଟି ଜଣେ ଛାତ୍ର ଗୁରୁତର ଆହତ ହୋଇଥିଲେ। ଏହି ଘଟଣାକୁ ନେଇ ମାନବାଧିକାର କମିଶନଙ୍କ ଦ୍ୱାରସ୍ଥ ହେବେ ବୋଲି ଜଣାପଡ଼ିଛି।
ଗତକାଲି ନବରଙ୍ଗପୁର ଜିଲ୍ଲା କୋସାଗୁମୁଡ଼ା ବ୍ଲକ ଜେ ହୋମିଆ ଗାଁ ସ୍ଥିତ ଏକ ହଷ୍ଟେଲରେ ପ୍ରେସର କୁକର ଫାଟି ଜଣେ ଛାତ୍ର ଗୁରୁତର ଆହତ ହୋଇଥିଲେ। ଏହି ଘଟଣାକୁ ନେଇ ମାନବାଧିକାର କମିଶନଙ୍କ ଦ୍ୱାରସ୍ଥ ହେବେ ବୋଲି ଜଣାପଡ଼ିଛି। ଗତକାଲି ନବରଙ୍ଗପୁର ଜିଲ୍ଲା କୋସାଗୁମୁଡ଼ା ବ୍ଲକ ଜେ ହୋମିଆ ଗାଁ ସ୍ଥିତ ଏକ ହଷ୍ଟେଲରେ ପ୍ରେସର କୁକର ଫାଟି ଜଣେ ଛାତ୍ର ଗୁରୁତର ଆହତ ହୋଇଥିଲେ। ଏହି ଘଟଣାକୁ ନେଇ ମାନବାଧିକାର କମିଶନଙ୍କ ଦ୍ୱାରସ୍ଥ ହେବେ ବୋଲି ଜଣାପଡ଼ିଛି। ଗତକାଲି ନବରଙ୍ଗପୁର ଜିଲ୍ଲା କୋସାଗୁମୁଡ଼ା ବ୍ଲକ ଜେ ହୋମିଆ ଗାଁ ସ୍ଥିତ ଏକ ହଷ୍ଟେଲରେ ପ୍ରେସର କୁକର ଫାଟି ଜଣେ ଛାତ୍ର ଗୁରୁତର ଆହତ ହୋଇଥିଲେ। ଏହି ଘଟଣାକୁ ନେଇ ମାନବାଧିକାର କମିଶନଙ୍କ ଦ୍ୱାରସ୍ଥ ହେବେ ବୋଲି ଜଣାପଡ଼ିଛି। ଗତକାଲି ନବରଙ୍ଗପୁର ଜିଲ୍ଲା କୋସାଗୁମୁଡ଼ା ବ୍ଲକ ଜେ ହୋମିଆ ଗାଁ ସ୍ଥିତ ଏକ ହଷ୍ଟେଲରେ ପ୍ରେସର କୁକର ଫାଟି ଜଣେ ଛାତ୍ର ଗୁରୁତର ଆହତ ହୋଇଥିଲେ। ଏହି ଘଟଣାକୁ ନେଇ ମାନବାଧିକାର କମିଶନଙ୍କ ଦ୍ୱାରସ୍ଥ ହେବେ ବୋଲି ଜଣାପଡ଼ିଛି। ଗତକାଲି ନବରଙ୍ଗପୁର ଜିଲ୍ଲା କୋସାଗୁମୁଡ଼ା ବ୍ଲକ ଜେ ହୋମିଆ ଗାଁ ସ୍ଥିତ ଏକ ହଷ୍ଟେଲରେ ପ୍ରେସର କୁକର ଫାଟି ଜଣେ ଛାତ୍ର ଗୁରୁତର ଆହତ ହୋଇଥିଲେ। ଏହି ଘଟଣାକୁ ନେଇ ମାନବାଧିକାର କମିଶନଙ୍କ ଦ୍ୱାରସ୍ଥ ହେବେ ବୋଲି ଜଣାପଡ଼ିଛି। ଗତକାଲି ନବରଙ୍ଗପୁର ଜିଲ୍ଲା କୋସାଗୁମୁଡ଼ା ବ୍ଲକ ଜେ ହୋମିଆ ଗାଁ ସ୍ଥିତ ଏକ ହଷ୍ଟେଲରେ ପ୍ରେସର କୁକର ଫାଟି ଜଣେ ଛାତ୍ର ଗୁରୁତର ଆହତ ହୋଇଥିଲେ। ଏହି ଘଟଣାକୁ ନେଇ ମାନବାଧିକାର କମିଶନଙ୍କ ଦ୍ୱାରସ୍ଥ ହେବେ ବୋଲି ଜଣାପଡ଼ିଛି।
ଇଡି ଦଖଲରେ
ଅର୍ଚ୍ଚନା ନାଗଙ୍କ ଘର
■ କଟକ, ୨।୧୨ (ପିଏନଏସ): ବ୍ଲାକମେଲର ଅର୍ଚ୍ଚନା ନାଗଙ୍କ ଘରକୁ ଇଡି ଦଖଲ କରିଛି। ଏହାକୁ ନେଇ ହାଇକୋର୍ଟରେ ଅପିଲ ହୋଇଥିଲା। ହାଇକୋର୍ଟ ଅପିଲ ସ୍ଥିତି ନେଇ ଜବାବ ମାଗିଛନ୍ତି। ବ୍ଲାକମେଲର ଅର୍ଚ୍ଚନା ନାଗଙ୍କ ଘରକୁ ଇଡି ଦଖଲ କରିଛି। ଏହାକୁ ନେଇ ହାଇକୋର୍ଟରେ ଅପିଲ ହୋଇଥିଲା। ହାଇକୋର୍ଟ ଅପିଲ ସ୍ଥିତି ନେଇ ଜବାବ ମାଗିଛନ୍ତି। ବ୍ଲାକମେଲର ଅର୍ଚ୍ଚନା ନାଗଙ୍କ ଘରକୁ ଇଡି ଦଖଲ କରିଛି। ଏହାକୁ ନେଇ ହାଇକୋର୍ଟରେ ଅପିଲ ହୋଇଥିଲା। ହାଇକୋର୍ଟ ଅପିଲ ସ୍ଥିତି ନେଇ ଜବାବ ମାଗିଛନ୍ତି।
ଅପିଲ ସ୍ଥିତି ନେଇ କବାବ ମାଗିଲେ ହାଇକୋର୍ଟ
ବ୍ଲାକମେଲର ଅର୍ଚ୍ଚନା ନାଗଙ୍କ ଘରକୁ ଇଡି ଦଖଲ କରିଛି। ଏହାକୁ ନେଇ ହାଇକୋର୍ଟରେ ଅପିଲ ହୋଇଥିଲା। ହାଇକୋର୍ଟ ଅପିଲ ସ୍ଥିତି ନେଇ ଜବାବ ମାଗିଛନ୍ତି। ବ୍ଲାକମେଲର ଅର୍ଚ୍ଚନା ନାଗଙ୍କ ଘରକୁ ଇଡି ଦଖଲ କରିଛି। ଏହାକୁ ନେଇ ହାଇକୋର୍ଟରେ ଅପିଲ ହୋଇଥିଲା। ହାଇକୋର୍ଟ ଅପିଲ ସ୍ଥିତି ନେଇ ଜବାବ ମାଗିଛନ୍ତି।
